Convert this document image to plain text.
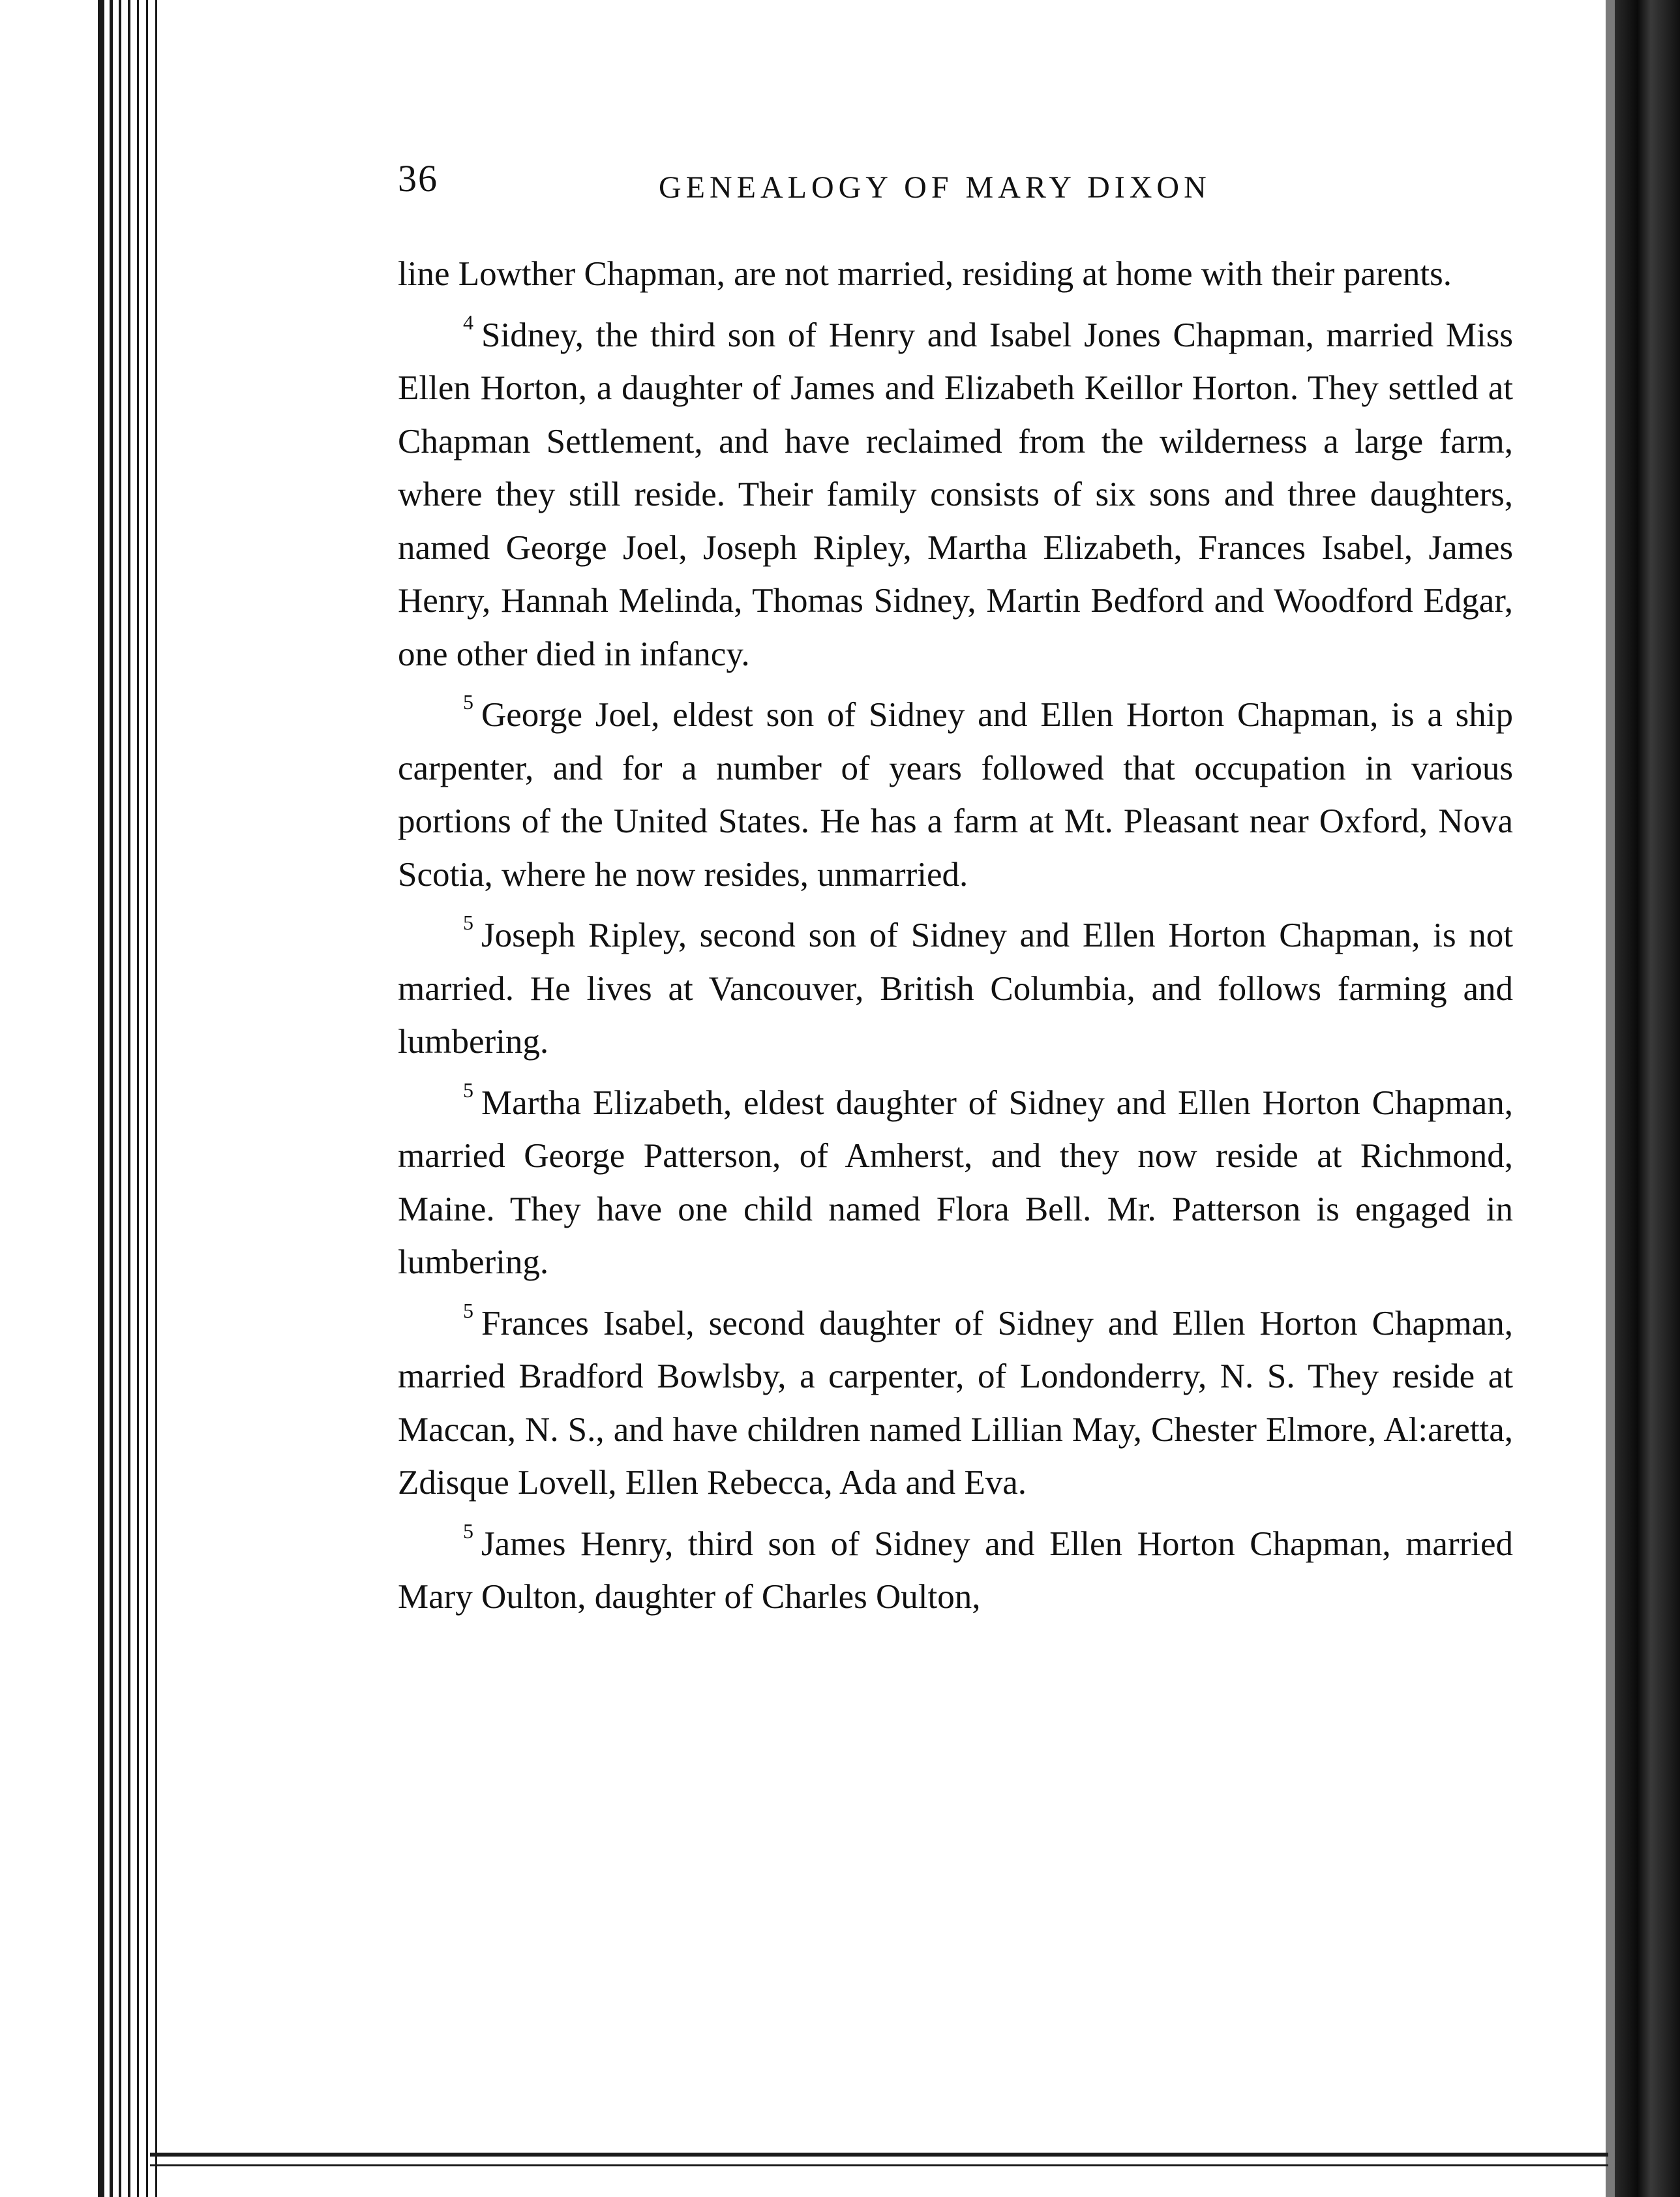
36	GENEALOGY OF MARY DIXON

line Lowther Chapman, are not married, residing at home with their parents.

$^4$ Sidney, the third son of Henry and Isabel Jones Chapman, married Miss Ellen Horton, a daughter of James and Elizabeth Keillor Horton. They settled at Chapman Settlement, and have reclaimed from the wilderness a large farm, where they still reside. Their family consists of six sons and three daughters, named George Joel, Joseph Ripley, Martha Elizabeth, Frances Isabel, James Henry, Hannah Melinda, Thomas Sidney, Martin Bedford and Woodford Edgar, one other died in infancy.

$^5$ George Joel, eldest son of Sidney and Ellen Horton Chapman, is a ship carpenter, and for a number of years followed that occupation in various portions of the United States. He has a farm at Mt. Pleasant near Oxford, Nova Scotia, where he now resides, unmarried.

$^5$ Joseph Ripley, second son of Sidney and Ellen Horton Chapman, is not married. He lives at Vancouver, British Columbia, and follows farming and lumbering.

$^5$ Martha Elizabeth, eldest daughter of Sidney and Ellen Horton Chapman, married George Patterson, of Amherst, and they now reside at Richmond, Maine. They have one child named Flora Bell. Mr. Patterson is engaged in lumbering.

$^5$ Frances Isabel, second daughter of Sidney and Ellen Horton Chapman, married Bradford Bowlsby, a carpenter, of Londonderry, N. S. They reside at Maccan, N. S., and have children named Lillian May, Chester Elmore, Al:aretta, Zdisque Lovell, Ellen Rebecca, Ada and Eva.

$^5$ James Henry, third son of Sidney and Ellen Horton Chapman, married Mary Oulton, daughter of Charles Oulton,
